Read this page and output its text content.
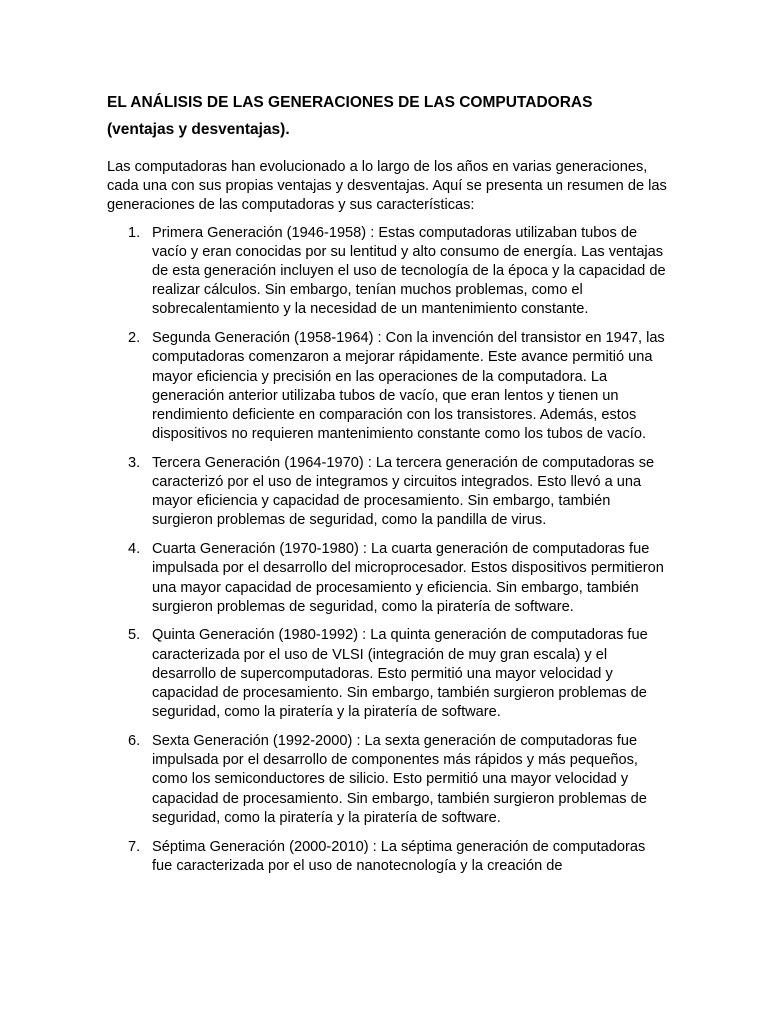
EL ANÁLISIS DE LAS GENERACIONES DE LAS COMPUTADORAS
(ventajas y desventajas).

Las computadoras han evolucionado a lo largo de los años en varias generaciones, cada una con sus propias ventajas y desventajas. Aquí se presenta un resumen de las generaciones de las computadoras y sus características:

1. Primera Generación (1946-1958) : Estas computadoras utilizaban tubos de vacío y eran conocidas por su lentitud y alto consumo de energía. Las ventajas de esta generación incluyen el uso de tecnología de la época y la capacidad de realizar cálculos. Sin embargo, tenían muchos problemas, como el sobrecalentamiento y la necesidad de un mantenimiento constante.
2. Segunda Generación (1958-1964) : Con la invención del transistor en 1947, las computadoras comenzaron a mejorar rápidamente. Este avance permitió una mayor eficiencia y precisión en las operaciones de la computadora. La generación anterior utilizaba tubos de vacío, que eran lentos y tienen un rendimiento deficiente en comparación con los transistores. Además, estos dispositivos no requieren mantenimiento constante como los tubos de vacío.
3. Tercera Generación (1964-1970) : La tercera generación de computadoras se caracterizó por el uso de integramos y circuitos integrados. Esto llevó a una mayor eficiencia y capacidad de procesamiento. Sin embargo, también surgieron problemas de seguridad, como la pandilla de virus.
4. Cuarta Generación (1970-1980) : La cuarta generación de computadoras fue impulsada por el desarrollo del microprocesador. Estos dispositivos permitieron una mayor capacidad de procesamiento y eficiencia. Sin embargo, también surgieron problemas de seguridad, como la piratería de software.
5. Quinta Generación (1980-1992) : La quinta generación de computadoras fue caracterizada por el uso de VLSI (integración de muy gran escala) y el desarrollo de supercomputadoras. Esto permitió una mayor velocidad y capacidad de procesamiento. Sin embargo, también surgieron problemas de seguridad, como la piratería y la piratería de software.
6. Sexta Generación (1992-2000) : La sexta generación de computadoras fue impulsada por el desarrollo de componentes más rápidos y más pequeños, como los semiconductores de silicio. Esto permitió una mayor velocidad y capacidad de procesamiento. Sin embargo, también surgieron problemas de seguridad, como la piratería y la piratería de software.
7. Séptima Generación (2000-2010) : La séptima generación de computadoras fue caracterizada por el uso de nanotecnología y la creación de
